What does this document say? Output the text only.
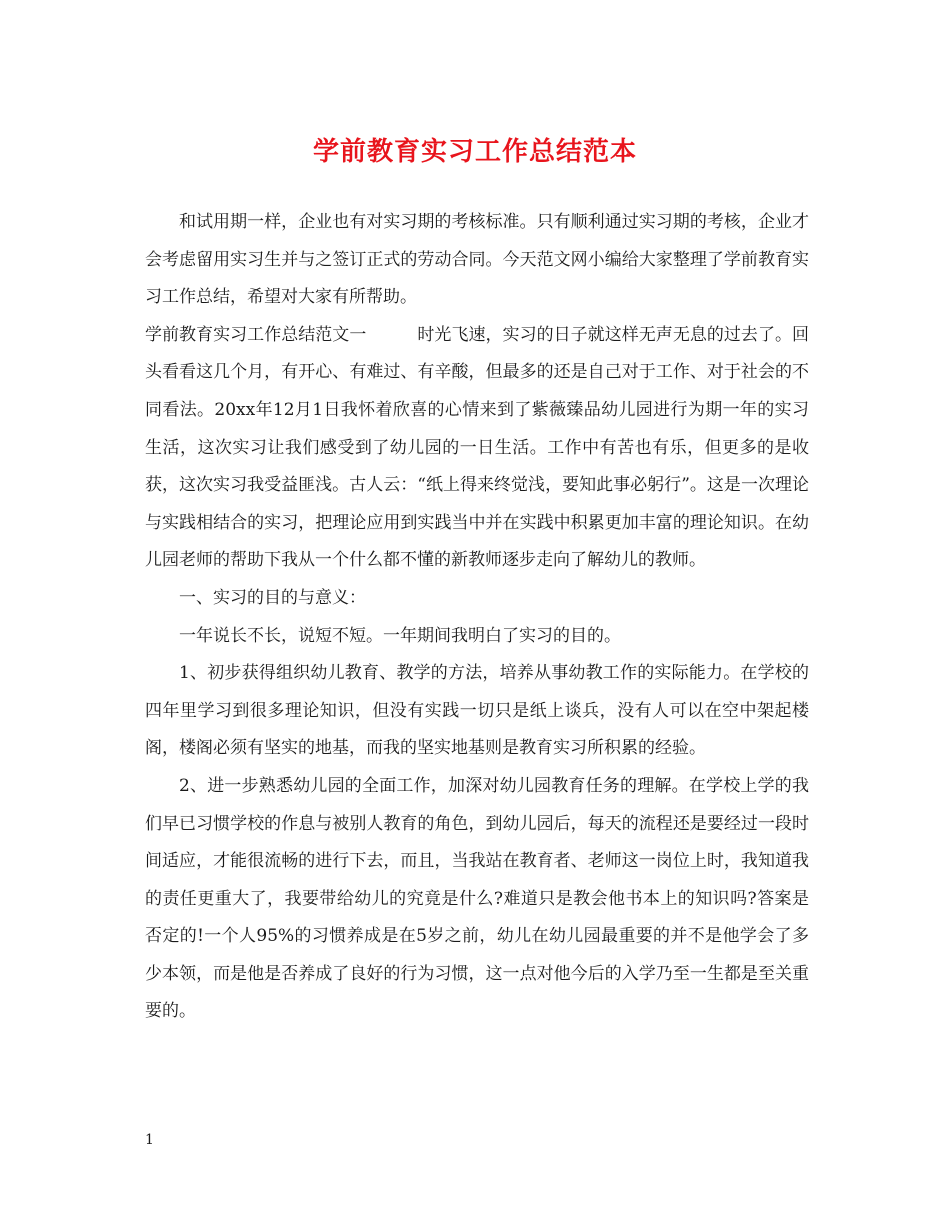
学前教育实习工作总结范本

和试用期一样，企业也有对实习期的考核标准。只有顺利通过实习期的考核，企业才会考虑留用实习生并与之签订正式的劳动合同。今天范文网小编给大家整理了学前教育实习工作总结，希望对大家有所帮助。

学前教育实习工作总结范文一	时光飞速，实习的日子就这样无声无息的过去了。回头看看这几个月，有开心、有难过、有辛酸，但最多的还是自己对于工作、对于社会的不同看法。20xx年12月1日我怀着欣喜的心情来到了紫薇臻品幼儿园进行为期一年的实习生活，这次实习让我们感受到了幼儿园的一日生活。工作中有苦也有乐，但更多的是收获，这次实习我受益匪浅。古人云：“纸上得来终觉浅，要知此事必躬行”。这是一次理论与实践相结合的实习，把理论应用到实践当中并在实践中积累更加丰富的理论知识。在幼儿园老师的帮助下我从一个什么都不懂的新教师逐步走向了解幼儿的教师。

一、实习的目的与意义：

一年说长不长，说短不短。一年期间我明白了实习的目的。

1、初步获得组织幼儿教育、教学的方法，培养从事幼教工作的实际能力。在学校的四年里学习到很多理论知识，但没有实践一切只是纸上谈兵，没有人可以在空中架起楼阁，楼阁必须有坚实的地基，而我的坚实地基则是教育实习所积累的经验。

2、进一步熟悉幼儿园的全面工作，加深对幼儿园教育任务的理解。在学校上学的我们早已习惯学校的作息与被别人教育的角色，到幼儿园后，每天的流程还是要经过一段时间适应，才能很流畅的进行下去，而且，当我站在教育者、老师这一岗位上时，我知道我的责任更重大了，我要带给幼儿的究竟是什么?难道只是教会他书本上的知识吗?答案是否定的!一个人95%的习惯养成是在5岁之前，幼儿在幼儿园最重要的并不是他学会了多少本领，而是他是否养成了良好的行为习惯，这一点对他今后的入学乃至一生都是至关重要的。

1
